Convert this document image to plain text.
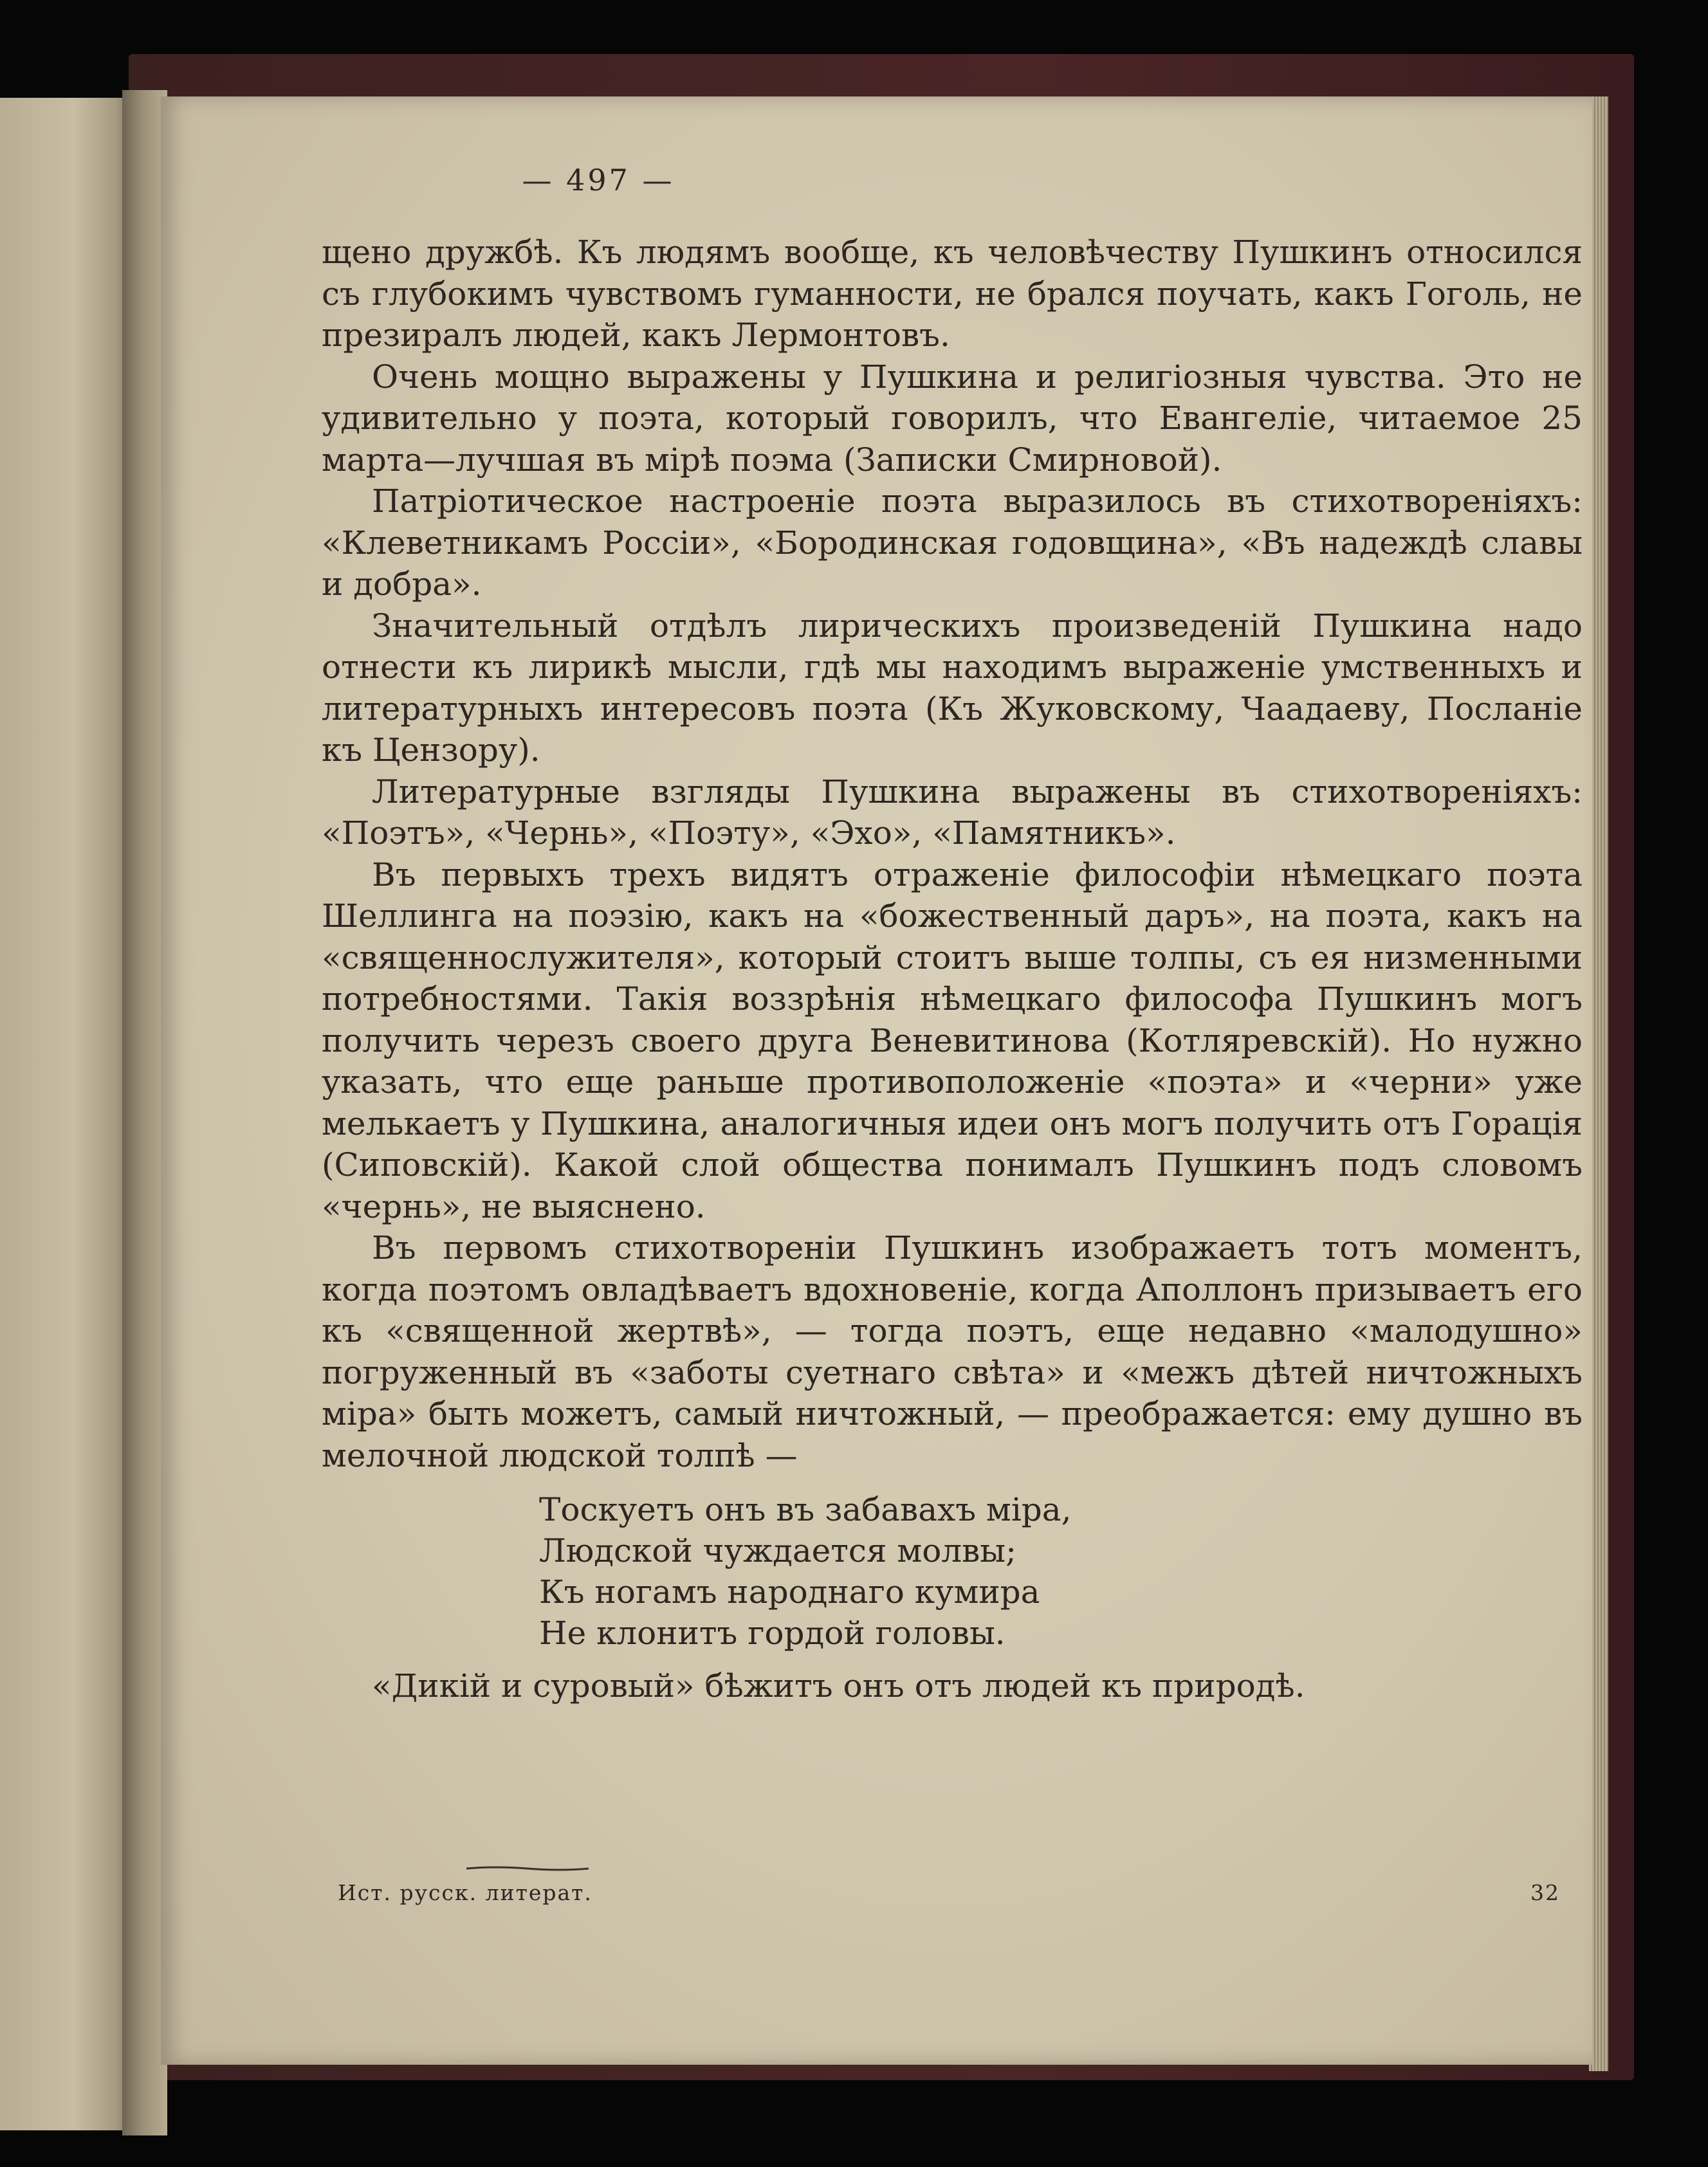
— 497 —

щено дружбѣ. Къ людямъ вообще, къ человѣчеству Пушкинъ относился съ глубокимъ чувствомъ гуманности, не брался поучать, какъ Гоголь, не презиралъ людей, какъ Лермонтовъ.

Очень мощно выражены у Пушкина и религіозныя чувства. Это не удивительно у поэта, который говорилъ, что Евангеліе, читаемое 25 марта—лучшая въ мірѣ поэма (Записки Смирновой).

Патріотическое настроеніе поэта выразилось въ стихотвореніяхъ: «Клеветникамъ Россіи», «Бородинская годовщина», «Въ надеждѣ славы и добра».

Значительный отдѣлъ лирическихъ произведеній Пушкина надо отнести къ лирикѣ мысли, гдѣ мы находимъ выраженіе умственныхъ и литературныхъ интересовъ поэта (Къ Жуковскому, Чаадаеву, Посланіе къ Цензору).

Литературные взгляды Пушкина выражены въ стихотвореніяхъ: «Поэтъ», «Чернь», «Поэту», «Эхо», «Памятникъ».

Въ первыхъ трехъ видятъ отраженіе философіи нѣмецкаго поэта Шеллинга на поэзію, какъ на «божественный даръ», на поэта, какъ на «священнослужителя», который стоитъ выше толпы, съ ея низменными потребностями. Такія воззрѣнія нѣмецкаго философа Пушкинъ могъ получить черезъ своего друга Веневитинова (Котляревскій). Но нужно указать, что еще раньше противоположеніе «поэта» и «черни» уже мелькаетъ у Пушкина, аналогичныя идеи онъ могъ получить отъ Горація (Сиповскій). Какой слой общества понималъ Пушкинъ подъ словомъ «чернь», не выяснено.

Въ первомъ стихотвореніи Пушкинъ изображаетъ тотъ моментъ, когда поэтомъ овладѣваетъ вдохновеніе, когда Аполлонъ призываетъ его къ «священной жертвѣ», — тогда поэтъ, еще недавно «малодушно» погруженный въ «заботы суетнаго свѣта» и «межъ дѣтей ничтожныхъ міра» быть можетъ, самый ничтожный, — преображается: ему душно въ мелочной людской толпѣ —

Тоскуетъ онъ въ забавахъ міра,
Людской чуждается молвы;
Къ ногамъ народнаго кумира
Не клонитъ гордой головы.

«Дикій и суровый» бѣжитъ онъ отъ людей къ природѣ.

Ист. русск. литерат.	32
